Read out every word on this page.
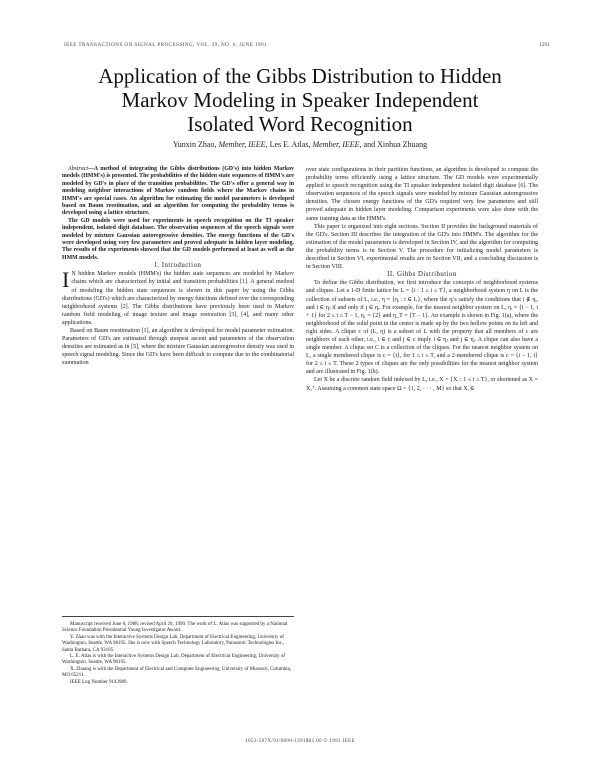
IEEE TRANSACTIONS ON SIGNAL PROCESSING, VOL. 39, NO. 6, JUNE 1991	1291
Application of the Gibbs Distribution to Hidden
Markov Modeling in Speaker Independent
Isolated Word Recognition
Yunxin Zhao, Member, IEEE, Les E. Atlas, Member, IEEE, and Xinhua Zhuang

Abstract—A method of integrating the Gibbs distributions (GD's) into hidden Markov models (HMM's) is presented. The probabilities of the hidden state sequences of HMM's are modeled by GD's in place of the transition probabilities. The GD's offer a general way in modeling neighbor interactions of Markov random fields where the Markov chains in HMM's are special cases. An algorithm for estimating the model parameters is developed based on Baum reestimation, and an algorithm for computing the probability terms is developed using a lattice structure.

The GD models were used for experiments in speech recognition on the TI speaker independent, isolated digit database. The observation sequences of the speech signals were modeled by mixture Gaussian autoregressive densities. The energy functions of the GD's were developed using very few parameters and proved adequate in hidden layer modeling. The results of the experiments showed that the GD models performed at least as well as the HMM models.

I. Introduction

I N hidden Markov models (HMM's) the hidden state sequences are modeled by Markov chains which are characterized by initial and transition probabilities [1]. A general method of modeling the hidden state sequences is shown in this paper by using the Gibbs distributions (GD's) which are characterized by energy functions defined over the corresponding neighborhood systems [2]. The Gibbs distributions have previously been used in Markov random field modeling of image texture and image restoration [3], [4], and many other applications.

Based on Baum reestimation [1], an algorithm is developed for model parameter estimation. Parameters of GD's are estimated through steepest ascent and parameters of the observation densities are estimated as in [5], where the mixture Gaussian autoregressive density was used in speech signal modeling. Since the GD's have been difficult to compute due to the combinatorial summation

Manuscript received June 8, 1988; revised April 20, 1990. The work of L. Atlas was supported by a National Science Foundation Presidential Young Investigator Award.

Y. Zhao was with the Interactive Systems Design Lab, Department of Electrical Engineering, University of Washington, Seattle, WA 98195. She is now with Speech Technology Laboratory, Panasonic Technologies Inc., Santa Barbara, CA 93105.

L. E. Atlas is with the Interactive Systems Design Lab, Department of Electrical Engineering, University of Washington, Seattle, WA 98195.

X. Zhuang is with the Department of Electrical and Computer Engineering, University of Missouri, Columbia, MO 65211.

IEEE Log Number 9143989.

over state configurations in their partition functions, an algorithm is developed to compute the probability terms efficiently using a lattice structure. The GD models were experimentally applied to speech recognition using the TI speaker independent isolated digit database [6]. The observation sequences of the speech signals were modeled by mixture Gaussian autoregressive densities. The chosen energy functions of the GD's required very few parameters and still proved adequate in hidden layer modeling. Comparison experiments were also done with the same training data as the HMM's.

This paper is organized into eight sections. Section II provides the background materials of the GD's. Section III describes the integration of the GD's into HMM's. The algorithm for the estimation of the model parameters is developed in Section IV, and the algorithm for computing the probability terms is in Section V. The procedure for initializing model parameters is described in Section VI, experimental results are in Section VII, and a concluding discussion is in Section VIII.

II. Gibbs Distribution

To define the Gibbs distribution, we first introduce the concepts of neighborhood systems and cliques. Let a 1-D finite lattice be L = {i : 1 ≤ i ≤ T}, a neighborhood system η on L is the collection of subsets of L, i.e., η = {ηᵢ : i ∈ L}, where the ηᵢ's satisfy the conditions that i ∉ ηᵢ, and i ∈ ηⱼ if and only if j ∈ ηᵢ. For example, for the nearest neighbor system on L, ηᵢ = {i − 1, i + 1} for 2 ≤ i ≤ T − 1, η₁ = {2} and η_T = {T − 1}. An example is shown in Fig. 1(a), where the neighborhood of the solid point in the center is made up by the two hollow points on its left and right sides. A clique c of (L, η) is a subset of L with the property that all members of c are neighbors of each other, i.e., i ∈ c and j ∈ c imply i ∈ ηⱼ and j ∈ ηᵢ. A clique can also have a single member. A clique set C is a collection of the cliques. For the nearest neighbor system on L, a single membered clique is c = {i}, for 1 ≤ i ≤ T, and a 2-membered clique is c = {i − 1, i} for 2 ≤ i ≤ T. These 2 types of cliques are the only possibilities for the nearest neighbor system and are illustrated in Fig. 1(b).

Let X be a discrete random field indexed by L, i.e., X = {Xᵢ : 1 ≤ i ≤ T}, or shortened as X = X₁ᵀ. Assuming a common state space Ω = {1, 2, · · · , M} so that Xᵢ ∈

1053-587X/91/0600-1291$01.00 © 1991 IEEE
